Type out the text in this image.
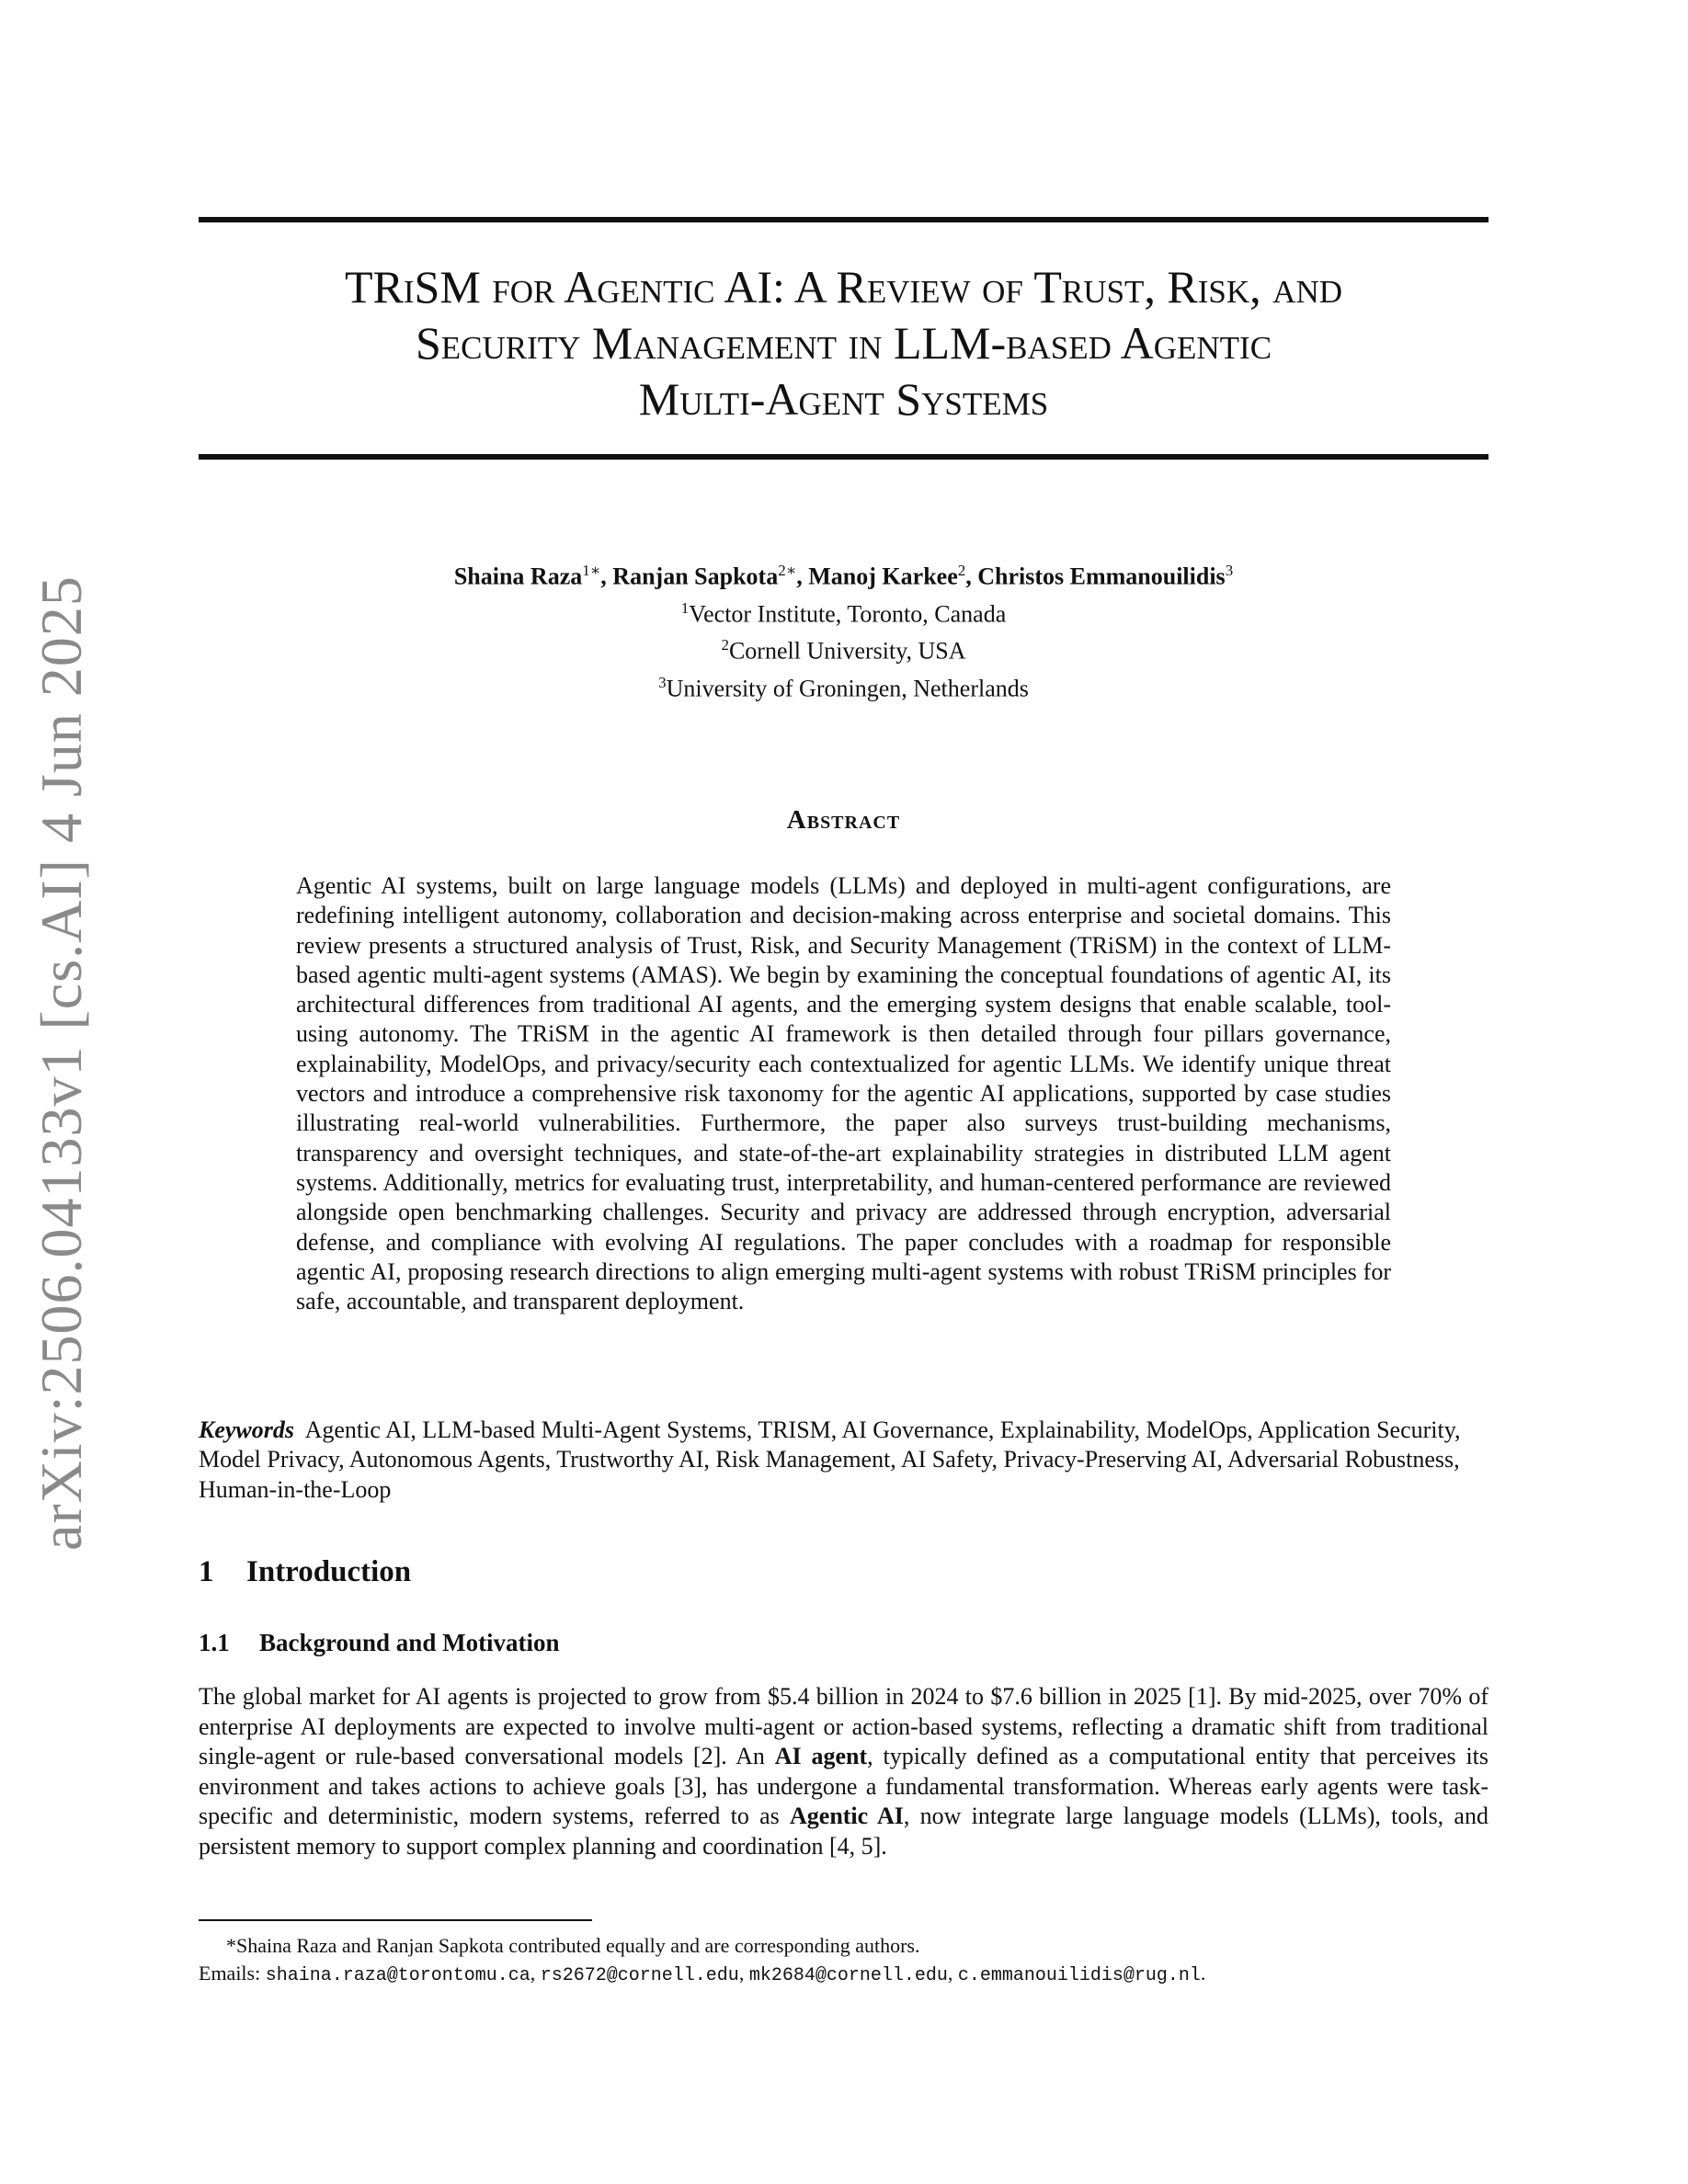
arXiv:2506.04133v1 [cs.AI] 4 Jun 2025
TRiSM for Agentic AI: A Review of Trust, Risk, and
Security Management in LLM-based Agentic
Multi-Agent Systems
Shaina Raza$^{1∗}$, Ranjan Sapkota$^{2∗}$, Manoj Karkee$^2$, Christos Emmanouilidis$^3$
$^1$Vector Institute, Toronto, Canada
$^2$Cornell University, USA
$^3$University of Groningen, Netherlands
Abstract

Agentic AI systems, built on large language models (LLMs) and deployed in multi-agent configurations, are redefining intelligent autonomy, collaboration and decision-making across enterprise and societal domains. This review presents a structured analysis of Trust, Risk, and Security Management (TRiSM) in the context of LLM-based agentic multi-agent systems (AMAS). We begin by examining the conceptual foundations of agentic AI, its architectural differences from traditional AI agents, and the emerging system designs that enable scalable, tool-using autonomy. The TRiSM in the agentic AI framework is then detailed through four pillars governance, explainability, ModelOps, and privacy/security each contextualized for agentic LLMs. We identify unique threat vectors and introduce a comprehensive risk taxonomy for the agentic AI applications, supported by case studies illustrating real-world vulnerabilities. Furthermore, the paper also surveys trust-building mechanisms, transparency and oversight techniques, and state-of-the-art explainability strategies in distributed LLM agent systems. Additionally, metrics for evaluating trust, interpretability, and human-centered performance are reviewed alongside open benchmarking challenges. Security and privacy are addressed through encryption, adversarial defense, and compliance with evolving AI regulations. The paper concludes with a roadmap for responsible agentic AI, proposing research directions to align emerging multi-agent systems with robust TRiSM principles for safe, accountable, and transparent deployment.

Keywords Agentic AI, LLM-based Multi-Agent Systems, TRISM, AI Governance, Explainability, ModelOps, Application Security, Model Privacy, Autonomous Agents, Trustworthy AI, Risk Management, AI Safety, Privacy-Preserving AI, Adversarial Robustness, Human-in-the-Loop

1 Introduction
1.1 Background and Motivation

The global market for AI agents is projected to grow from $5.4 billion in 2024 to $7.6 billion in 2025 [1]. By mid-2025, over 70% of enterprise AI deployments are expected to involve multi-agent or action-based systems, reflecting a dramatic shift from traditional single-agent or rule-based conversational models [2]. An AI agent, typically defined as a computational entity that perceives its environment and takes actions to achieve goals [3], has undergone a fundamental transformation. Whereas early agents were task-specific and deterministic, modern systems, referred to as Agentic AI, now integrate large language models (LLMs), tools, and persistent memory to support complex planning and coordination [4, 5].

*Shaina Raza and Ranjan Sapkota contributed equally and are corresponding authors.
Emails: shaina.raza@torontomu.ca, rs2672@cornell.edu, mk2684@cornell.edu, c.emmanouilidis@rug.nl.
